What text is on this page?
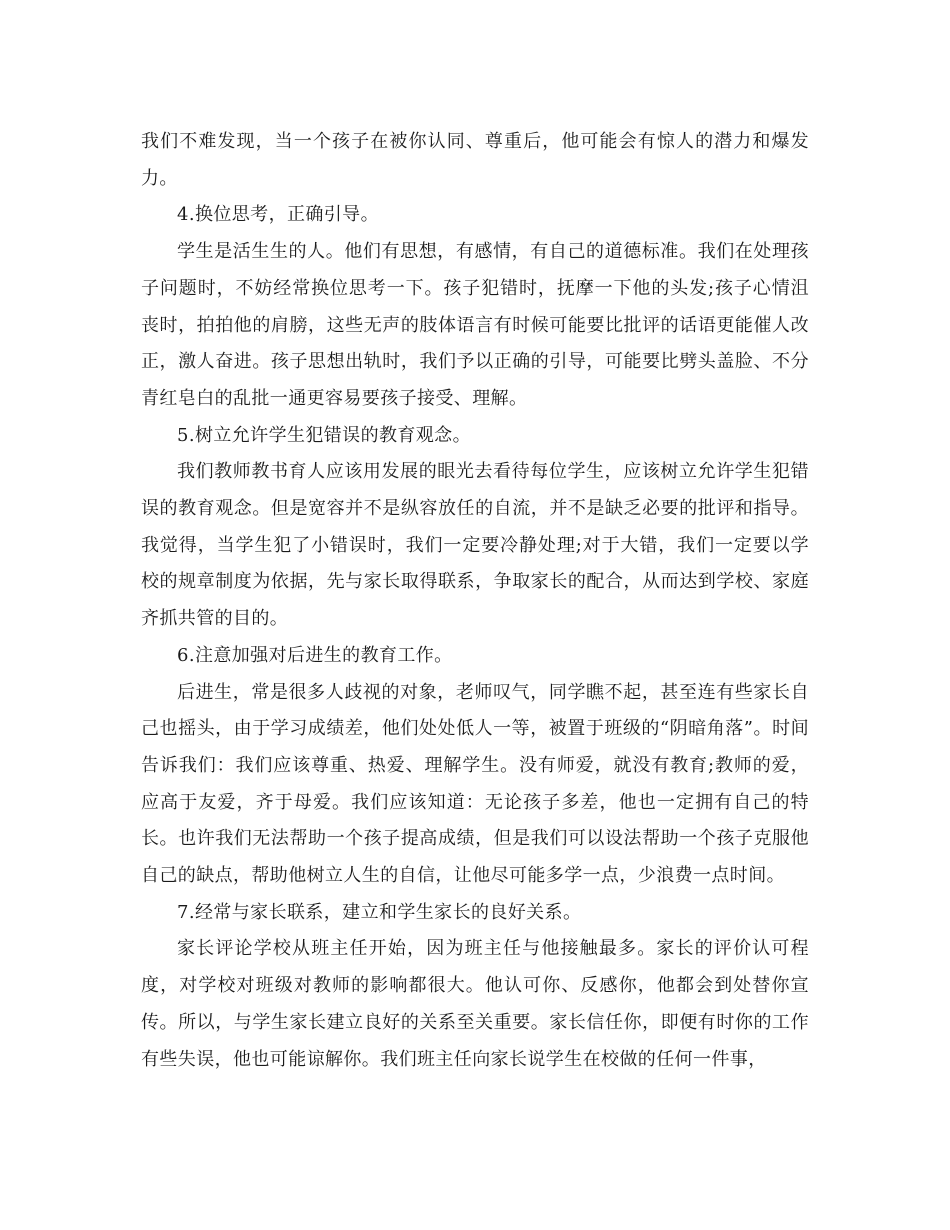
我们不难发现，当一个孩子在被你认同、尊重后，他可能会有惊人的潜力和爆发力。

4.换位思考，正确引导。

学生是活生生的人。他们有思想，有感情，有自己的道德标准。我们在处理孩子问题时，不妨经常换位思考一下。孩子犯错时，抚摩一下他的头发;孩子心情沮丧时，拍拍他的肩膀，这些无声的肢体语言有时候可能要比批评的话语更能催人改正，激人奋进。孩子思想出轨时，我们予以正确的引导，可能要比劈头盖脸、不分青红皂白的乱批一通更容易要孩子接受、理解。

5.树立允许学生犯错误的教育观念。

我们教师教书育人应该用发展的眼光去看待每位学生，应该树立允许学生犯错误的教育观念。但是宽容并不是纵容放任的自流，并不是缺乏必要的批评和指导。我觉得，当学生犯了小错误时，我们一定要冷静处理;对于大错，我们一定要以学校的规章制度为依据，先与家长取得联系，争取家长的配合，从而达到学校、家庭齐抓共管的目的。

6.注意加强对后进生的教育工作。

后进生，常是很多人歧视的对象，老师叹气，同学瞧不起，甚至连有些家长自己也摇头，由于学习成绩差，他们处处低人一等，被置于班级的“阴暗角落”。时间告诉我们：我们应该尊重、热爱、理解学生。没有师爱，就没有教育;教师的爱，应高于友爱，齐于母爱。我们应该知道：无论孩子多差，他也一定拥有自己的特长。也许我们无法帮助一个孩子提高成绩，但是我们可以设法帮助一个孩子克服他自己的缺点，帮助他树立人生的自信，让他尽可能多学一点，少浪费一点时间。

7.经常与家长联系，建立和学生家长的良好关系。

家长评论学校从班主任开始，因为班主任与他接触最多。家长的评价认可程度，对学校对班级对教师的影响都很大。他认可你、反感你，他都会到处替你宣传。所以，与学生家长建立良好的关系至关重要。家长信任你，即便有时你的工作有些失误，他也可能谅解你。我们班主任向家长说学生在校做的任何一件事，
